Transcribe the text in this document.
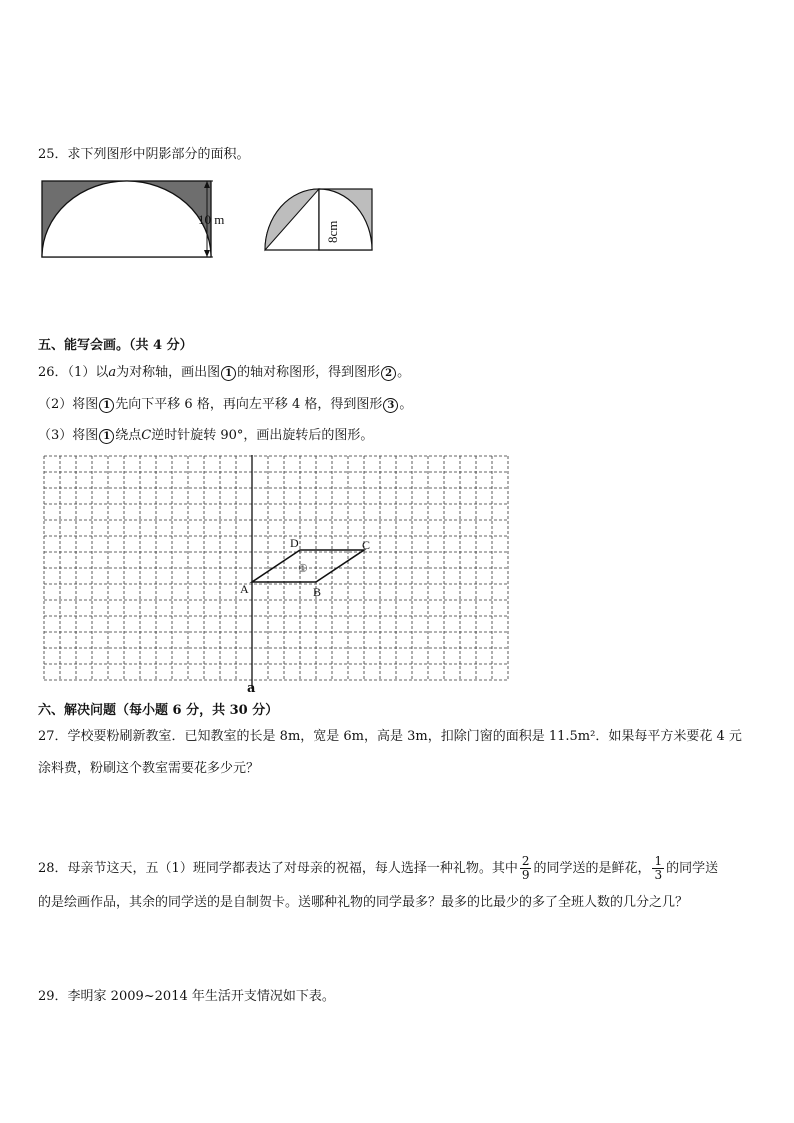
25．求下列图形中阴影部分的面积。
10 m
8cm
五、能写会画。（共 4 分）
26．（1）以a为对称轴，画出图 1 的轴对称图形，得到图形 2 。
（2）将图 1 先向下平移 6 格，再向左平移 4 格，得到图形 3 。
（3）将图 1 绕点C逆时针旋转 90°，画出旋转后的图形。
A	B
C
D
①
a
六、解决问题（每小题 6 分，共 30 分）
27．学校要粉刷新教室．已知教室的长是 8m，宽是 6m，高是 3m，扣除门窗的面积是 11.5m²．如果每平方米要花 4 元
涂料费，粉刷这个教室需要花多少元？
28．母亲节这天，五（1）班同学都表达了对母亲的祝福，每人选择一种礼物。其中 $\frac{2}{9}$ 的同学送的是鲜花， $\frac{1}{3}$ 的同学送
的是绘画作品，其余的同学送的是自制贺卡。送哪种礼物的同学最多？最多的比最少的多了全班人数的几分之几？
29．李明家 2009~2014 年生活开支情况如下表。
